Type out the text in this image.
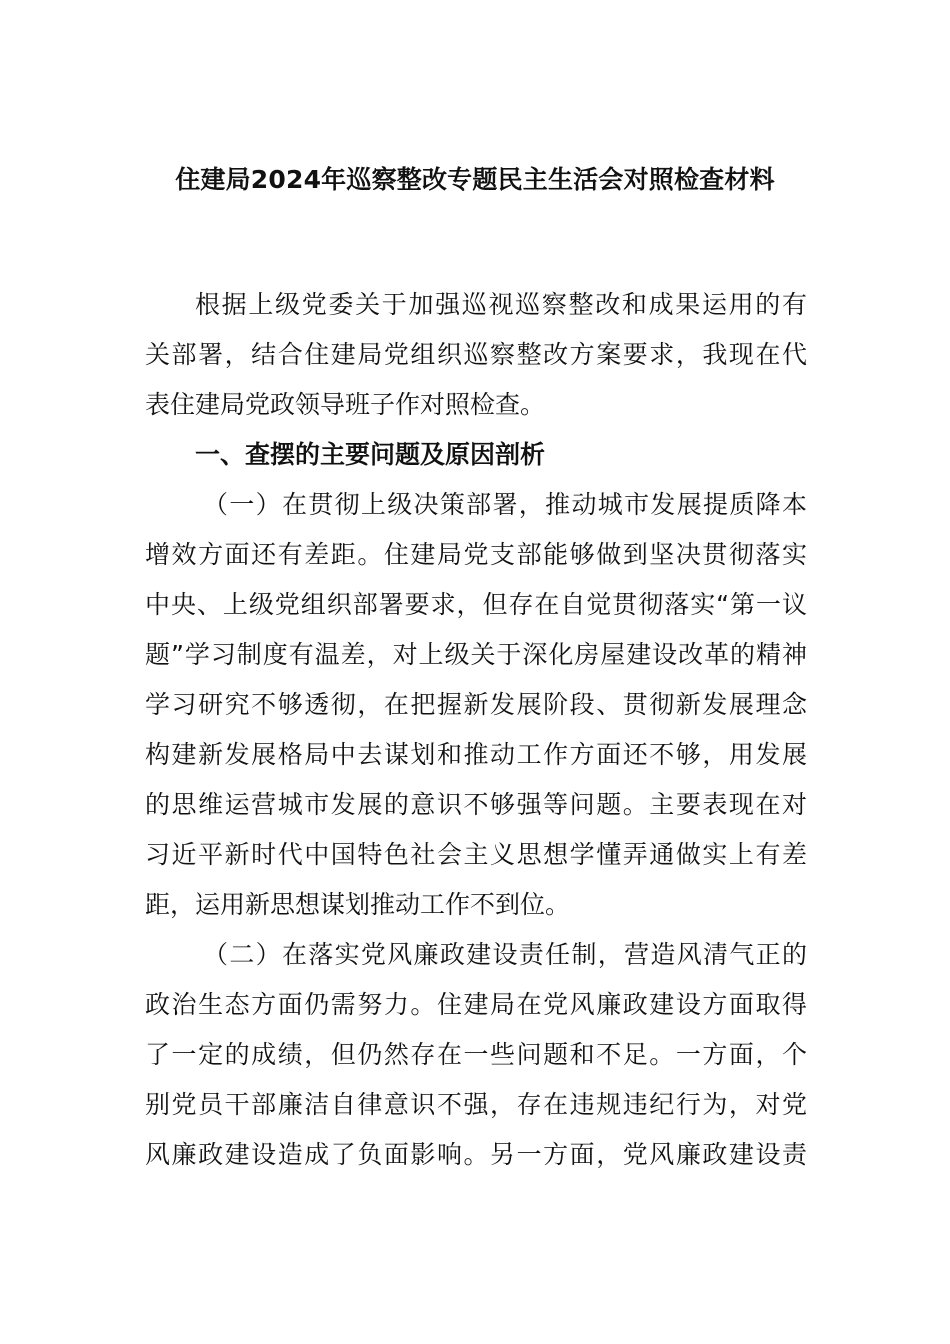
住建局2024年巡察整改专题民主生活会对照检查材料
根据上级党委关于加强巡视巡察整改和成果运用的有
关部署，结合住建局党组织巡察整改方案要求，我现在代
表住建局党政领导班子作对照检查。
一、查摆的主要问题及原因剖析
（一）在贯彻上级决策部署，推动城市发展提质降本
增效方面还有差距。住建局党支部能够做到坚决贯彻落实
中央、上级党组织部署要求，但存在自觉贯彻落实“第一议
题”学习制度有温差，对上级关于深化房屋建设改革的精神
学习研究不够透彻，在把握新发展阶段、贯彻新发展理念
构建新发展格局中去谋划和推动工作方面还不够，用发展
的思维运营城市发展的意识不够强等问题。主要表现在对
习近平新时代中国特色社会主义思想学懂弄通做实上有差
距，运用新思想谋划推动工作不到位。
（二）在落实党风廉政建设责任制，营造风清气正的
政治生态方面仍需努力。住建局在党风廉政建设方面取得
了一定的成绩，但仍然存在一些问题和不足。一方面，个
别党员干部廉洁自律意识不强，存在违规违纪行为，对党
风廉政建设造成了负面影响。另一方面，党风廉政建设责
